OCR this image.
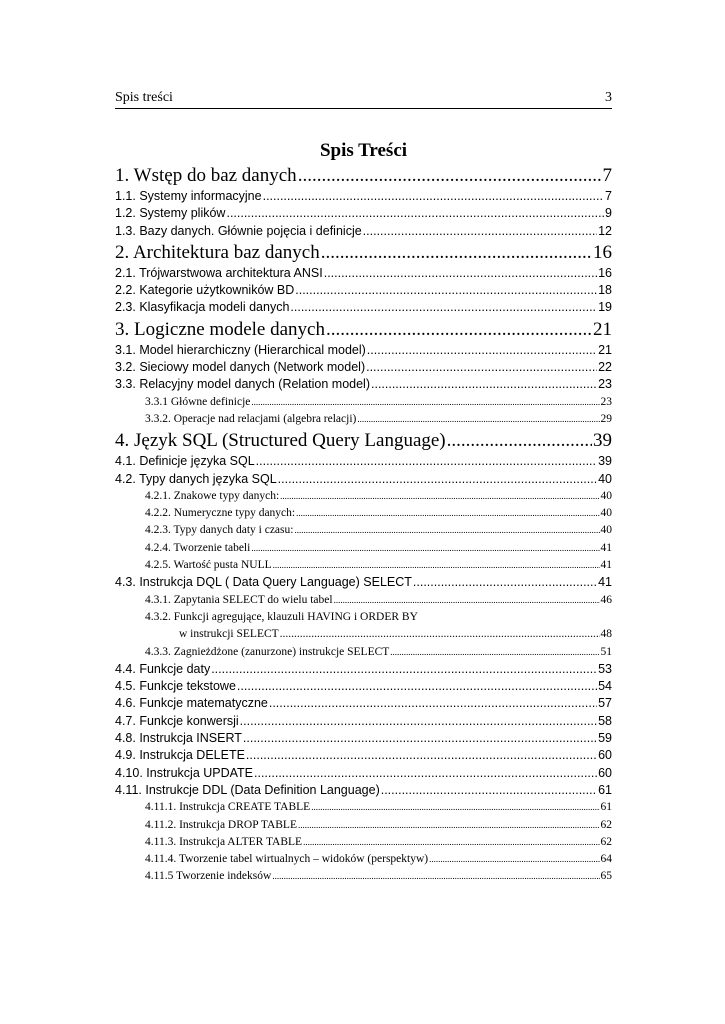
Spis treści	3
Spis Treści
1. Wstęp do baz danych .....	7
1.1. Systemy informacyjne .....	7
1.2. Systemy plików .....	9
1.3. Bazy danych. Głównie pojęcia i definicje .....	12
2. Architektura baz danych .....	16
2.1. Trójwarstwowa architektura ANSI .....	16
2.2. Kategorie użytkowników BD .....	18
2.3. Klasyfikacja modeli danych .....	19
3. Logiczne modele danych .....	21
3.1. Model hierarchiczny (Hierarchical model) .....	21
3.2. Sieciowy model danych (Network model) .....	22
3.3. Relacyjny model danych (Relation model) .....	23
3.3.1 Główne definicje .....	23
3.3.2. Operacje nad relacjami (algebra relacji) .....	29
4. Język SQL (Structured Query Language) .....	39
4.1. Definicje języka SQL .....	39
4.2. Typy danych języka SQL .....	40
4.2.1. Znakowe typy danych: .....	40
4.2.2. Numeryczne typy danych: .....	40
4.2.3. Typy danych daty i czasu: .....	40
4.2.4. Tworzenie tabeli .....	41
4.2.5. Wartość pusta NULL .....	41
4.3. Instrukcja DQL ( Data Query Language) SELECT .....	41
4.3.1. Zapytania SELECT do wielu tabel .....	46
4.3.2. Funkcji agregujące, klauzuli HAVING i ORDER BY
w instrukcji SELECT .....	48
4.3.3. Zagnieżdżone (zanurzone) instrukcje SELECT .....	51
4.4. Funkcje daty .....	53
4.5. Funkcje tekstowe .....	54
4.6. Funkcje matematyczne .....	57
4.7. Funkcje konwersji .....	58
4.8. Instrukcja INSERT .....	59
4.9. Instrukcja DELETE .....	60
4.10. Instrukcja UPDATE .....	60
4.11. Instrukcje DDL (Data Definition Language) .....	61
4.11.1. Instrukcja CREATE TABLE .....	61
4.11.2. Instrukcja DROP TABLE .....	62
4.11.3. Instrukcja ALTER TABLE .....	62
4.11.4. Tworzenie tabel wirtualnych – widoków (perspektyw) .....	64
4.11.5 Tworzenie indeksów .....	65
